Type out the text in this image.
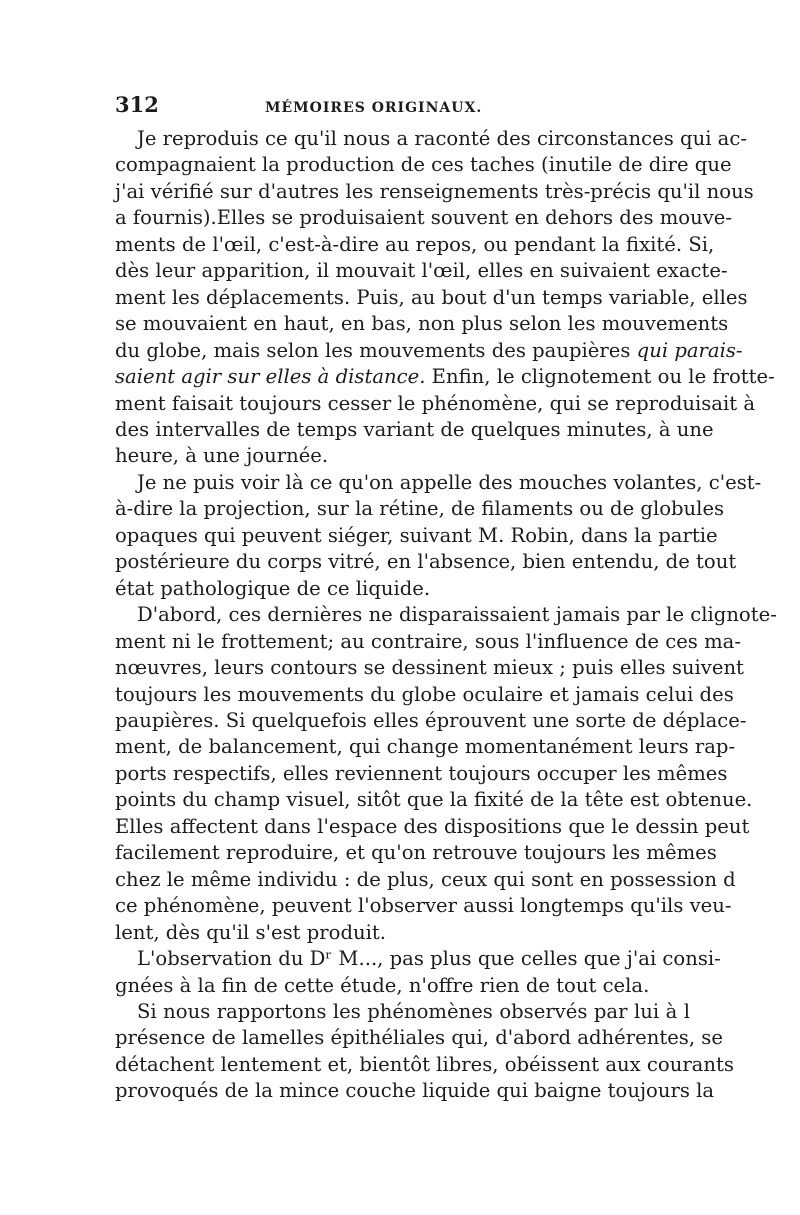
312	MÉMOIRES ORIGINAUX.
Je reproduis ce qu'il nous a raconté des circonstances qui ac-
compagnaient la production de ces taches (inutile de dire que
j'ai vérifié sur d'autres les renseignements très-précis qu'il nous
a fournis).Elles se produisaient souvent en dehors des mouve-
ments de l'œil, c'est-à-dire au repos, ou pendant la fixité. Si,
dès leur apparition, il mouvait l'œil, elles en suivaient exacte-
ment les déplacements. Puis, au bout d'un temps variable, elles
se mouvaient en haut, en bas, non plus selon les mouvements
du globe, mais selon les mouvements des paupières qui parais-
saient agir sur elles à distance. Enfin, le clignotement ou le frotte-
ment faisait toujours cesser le phénomène, qui se reproduisait à
des intervalles de temps variant de quelques minutes, à une
heure, à une journée.
Je ne puis voir là ce qu'on appelle des mouches volantes, c'est-
à-dire la projection, sur la rétine, de filaments ou de globules
opaques qui peuvent siéger, suivant M. Robin, dans la partie
postérieure du corps vitré, en l'absence, bien entendu, de tout
état pathologique de ce liquide.
D'abord, ces dernières ne disparaissaient jamais par le clignote-
ment ni le frottement; au contraire, sous l'influence de ces ma-
nœuvres, leurs contours se dessinent mieux ; puis elles suivent
toujours les mouvements du globe oculaire et jamais celui des
paupières. Si quelquefois elles éprouvent une sorte de déplace-
ment, de balancement, qui change momentanément leurs rap-
ports respectifs, elles reviennent toujours occuper les mêmes
points du champ visuel, sitôt que la fixité de la tête est obtenue.
Elles affectent dans l'espace des dispositions que le dessin peut
facilement reproduire, et qu'on retrouve toujours les mêmes
chez le même individu : de plus, ceux qui sont en possession d
ce phénomène, peuvent l'observer aussi longtemps qu'ils veu-
lent, dès qu'il s'est produit.
L'observation du Dʳ M..., pas plus que celles que j'ai consi-
gnées à la fin de cette étude, n'offre rien de tout cela.
Si nous rapportons les phénomènes observés par lui à l
présence de lamelles épithéliales qui, d'abord adhérentes, se
détachent lentement et, bientôt libres, obéissent aux courants
provoqués de la mince couche liquide qui baigne toujours la
